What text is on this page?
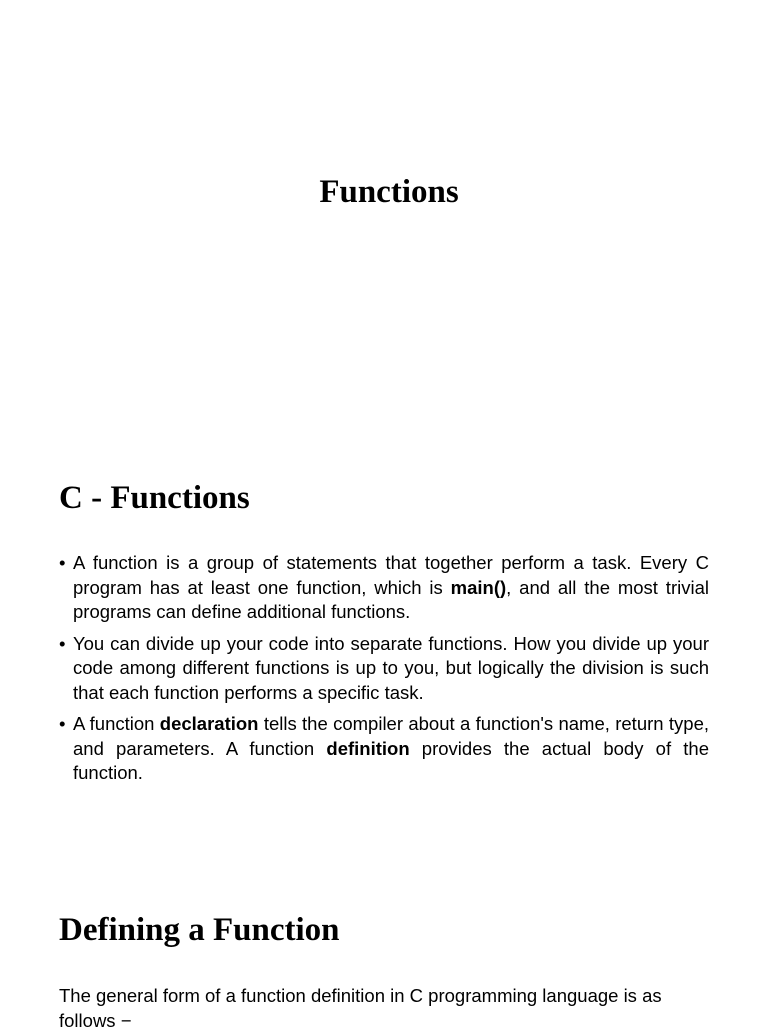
Functions
C - Functions
• A function is a group of statements that together perform a task. Every C program has at least one function, which is main(), and all the most trivial programs can define additional functions.
• You can divide up your code into separate functions. How you divide up your code among different functions is up to you, but logically the division is such that each function performs a specific task.
• A function declaration tells the compiler about a function's name, return type, and parameters. A function definition provides the actual body of the function.
Defining a Function

The general form of a function definition in C programming language is as follows −
